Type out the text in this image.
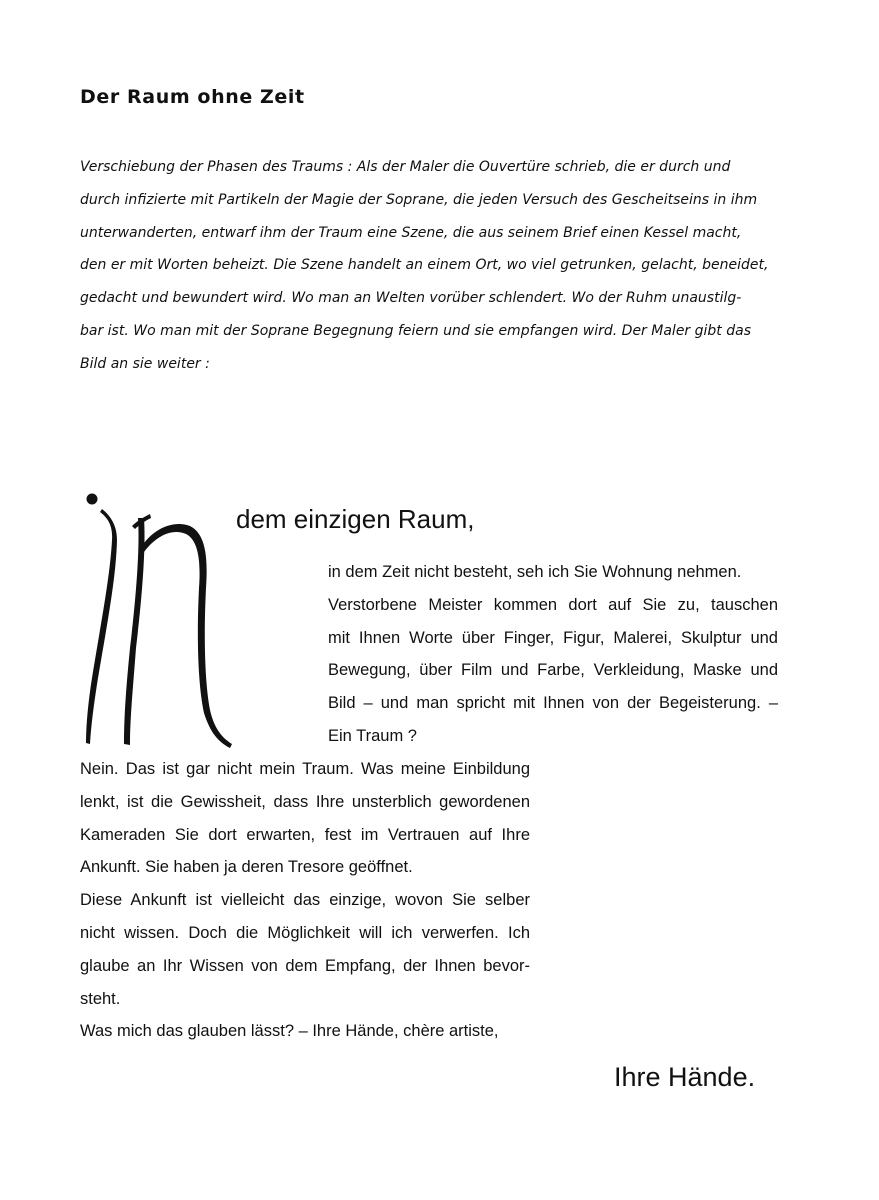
Der Raum ohne Zeit
Verschiebung der Phasen des Traums : Als der Maler die Ouvertüre schrieb, die er durch und
durch infizierte mit Partikeln der Magie der Soprane, die jeden Versuch des Gescheitseins in ihm
unterwanderten, entwarf ihm der Traum eine Szene, die aus seinem Brief einen Kessel macht,
den er mit Worten beheizt. Die Szene handelt an einem Ort, wo viel getrunken, gelacht, beneidet,
gedacht und bewundert wird. Wo man an Welten vorüber schlendert. Wo der Ruhm unaustilg-
bar ist. Wo man mit der Soprane Begegnung feiern und sie empfangen wird. Der Maler gibt das
Bild an sie weiter :
dem einzigen Raum,
in dem Zeit nicht besteht, seh ich Sie Wohnung nehmen.
Verstorbene Meister kommen dort auf Sie zu, tauschen
mit Ihnen Worte über Finger, Figur, Malerei, Skulptur und
Bewegung, über Film und Farbe, Verkleidung, Maske und
Bild – und man spricht mit Ihnen von der Begeisterung. –
Ein Traum ?
Nein. Das ist gar nicht mein Traum. Was meine Einbildung
lenkt, ist die Gewissheit, dass Ihre unsterblich gewordenen
Kameraden Sie dort erwarten, fest im Vertrauen auf Ihre
Ankunft. Sie haben ja deren Tresore geöffnet.
Diese Ankunft ist vielleicht das einzige, wovon Sie selber
nicht wissen. Doch die Möglichkeit will ich verwerfen. Ich
glaube an Ihr Wissen von dem Empfang, der Ihnen bevor-
steht.
Was mich das glauben lässt? – Ihre Hände, chère artiste,
Ihre Hände.
